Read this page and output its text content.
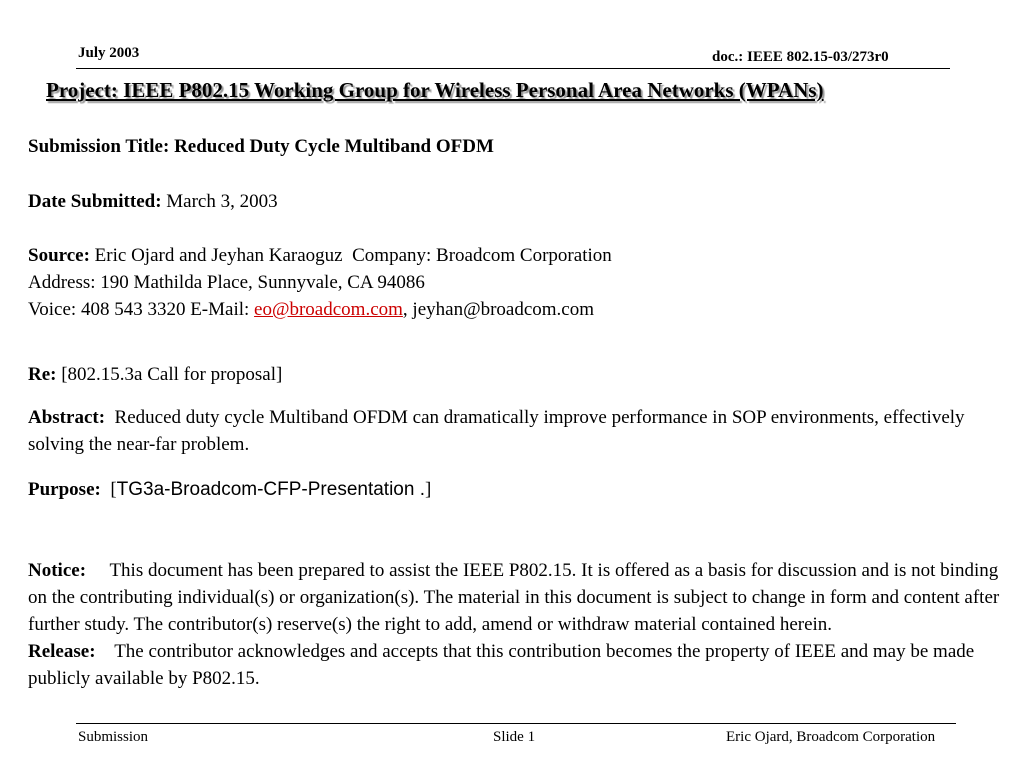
July 2003	doc.: IEEE 802.15-03/273r0
Project: IEEE P802.15 Working Group for Wireless Personal Area Networks (WPANs)
Submission Title: Reduced Duty Cycle Multiband OFDM
Date Submitted: March 3, 2003
Source: Eric Ojard and Jeyhan Karaoguz Company: Broadcom Corporation
Address: 190 Mathilda Place, Sunnyvale, CA 94086
Voice: 408 543 3320 E-Mail: eo@broadcom.com, jeyhan@broadcom.com
Re: [802.15.3a Call for proposal]
Abstract: Reduced duty cycle Multiband OFDM can dramatically improve performance in SOP environments, effectively solving the near-far problem.
Purpose: [TG3a-Broadcom-CFP-Presentation .]
Notice: This document has been prepared to assist the IEEE P802.15. It is offered as a basis for discussion and is not binding on the contributing individual(s) or organization(s). The material in this document is subject to change in form and content after further study. The contributor(s) reserve(s) the right to add, amend or withdraw material contained herein.
Release: The contributor acknowledges and accepts that this contribution becomes the property of IEEE and may be made publicly available by P802.15.
Submission	Slide 1	Eric Ojard, Broadcom Corporation
